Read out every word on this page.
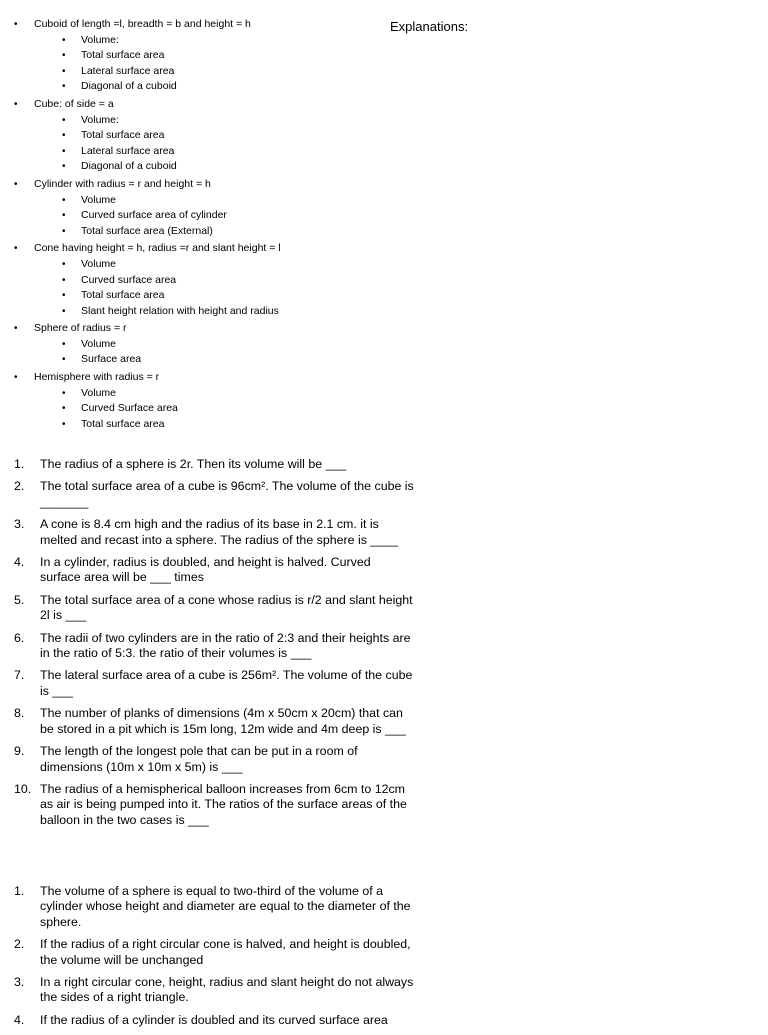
• Cuboid of length =l, breadth = b and height = h
• Volume:
• Total surface area
• Lateral surface area
• Diagonal of a cuboid
• Cube: of side = a
• Volume:
• Total surface area
• Lateral surface area
• Diagonal of a cuboid
• Cylinder with radius = r and height = h
• Volume
• Curved surface area of cylinder
• Total surface area (External)
• Cone having height = h, radius =r and slant height = l
• Volume
• Curved surface area
• Total surface area
• Slant height relation with height and radius
• Sphere of radius = r
• Volume
• Surface area
• Hemisphere with radius = r
• Volume
• Curved Surface area
• Total surface area
Explanations:
1. The radius of a sphere is 2r. Then its volume will be ___
2. The total surface area of a cube is 96cm². The volume of the cube is _______
3. A cone is 8.4 cm high and the radius of its base in 2.1 cm. it is melted and recast into a sphere. The radius of the sphere is ____
4. In a cylinder, radius is doubled, and height is halved. Curved surface area will be ___ times
5. The total surface area of a cone whose radius is r/2 and slant height 2l is ___
6. The radii of two cylinders are in the ratio of 2:3 and their heights are in the ratio of 5:3. the ratio of their volumes is ___
7. The lateral surface area of a cube is 256m². The volume of the cube is ___
8. The number of planks of dimensions (4m x 50cm x 20cm) that can be stored in a pit which is 15m long, 12m wide and 4m deep is ___
9. The length of the longest pole that can be put in a room of dimensions (10m x 10m x 5m) is ___
10. The radius of a hemispherical balloon increases from 6cm to 12cm as air is being pumped into it. The ratios of the surface areas of the balloon in the two cases is ___
1. The volume of a sphere is equal to two-third of the volume of a cylinder whose height and diameter are equal to the diameter of the sphere.
2. If the radius of a right circular cone is halved, and height is doubled, the volume will be unchanged
3. In a right circular cone, height, radius and slant height do not always the sides of a right triangle.
4. If the radius of a cylinder is doubled and its curved surface area
